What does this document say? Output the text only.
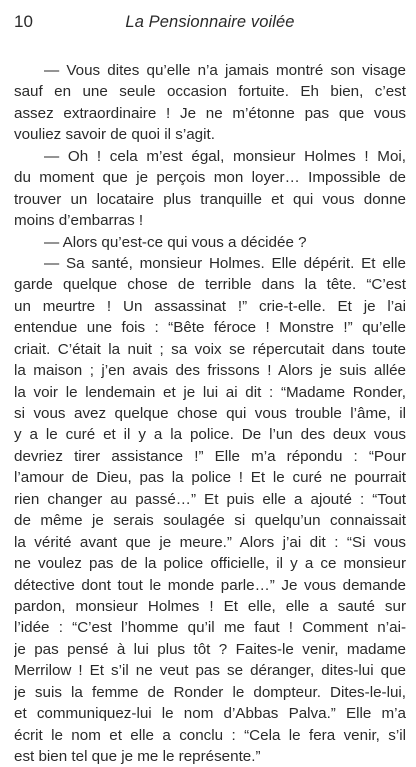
10	La Pensionnaire voilée
— Vous dites qu’elle n’a jamais montré son visage
sauf en une seule occasion fortuite. Eh bien, c’est
assez extraordinaire ! Je ne m’étonne pas que vous
vouliez savoir de quoi il s’agit.
— Oh ! cela m’est égal, monsieur Holmes ! Moi,
du moment que je perçois mon loyer… Impossible de
trouver un locataire plus tranquille et qui vous donne
moins d’embarras !
— Alors qu’est-ce qui vous a décidée ?
— Sa santé, monsieur Holmes. Elle dépérit. Et elle
garde quelque chose de terrible dans la tête. “C’est
un meurtre ! Un assassinat !” crie-t-elle. Et je l’ai
entendue une fois : “Bête féroce ! Monstre !” qu’elle
criait. C’était la nuit ; sa voix se répercutait dans toute
la maison ; j’en avais des frissons ! Alors je suis allée
la voir le lendemain et je lui ai dit : “Madame Ronder,
si vous avez quelque chose qui vous trouble l’âme, il
y a le curé et il y a la police. De l’un des deux vous
devriez tirer assistance !” Elle m’a répondu : “Pour
l’amour de Dieu, pas la police ! Et le curé ne pourrait
rien changer au passé…” Et puis elle a ajouté : “Tout
de même je serais soulagée si quelqu’un connaissait
la vérité avant que je meure.” Alors j’ai dit : “Si vous
ne voulez pas de la police officielle, il y a ce monsieur
détective dont tout le monde parle…” Je vous demande
pardon, monsieur Holmes ! Et elle, elle a sauté sur
l’idée : “C’est l’homme qu’il me faut ! Comment n’ai-
je pas pensé à lui plus tôt ? Faites-le venir, madame
Merrilow ! Et s’il ne veut pas se déranger, dites-lui que
je suis la femme de Ronder le dompteur. Dites-le-lui,
et communiquez-lui le nom d’Abbas Palva.” Elle m’a
écrit le nom et elle a conclu : “Cela le fera venir, s’il
est bien tel que je me le représente.”
